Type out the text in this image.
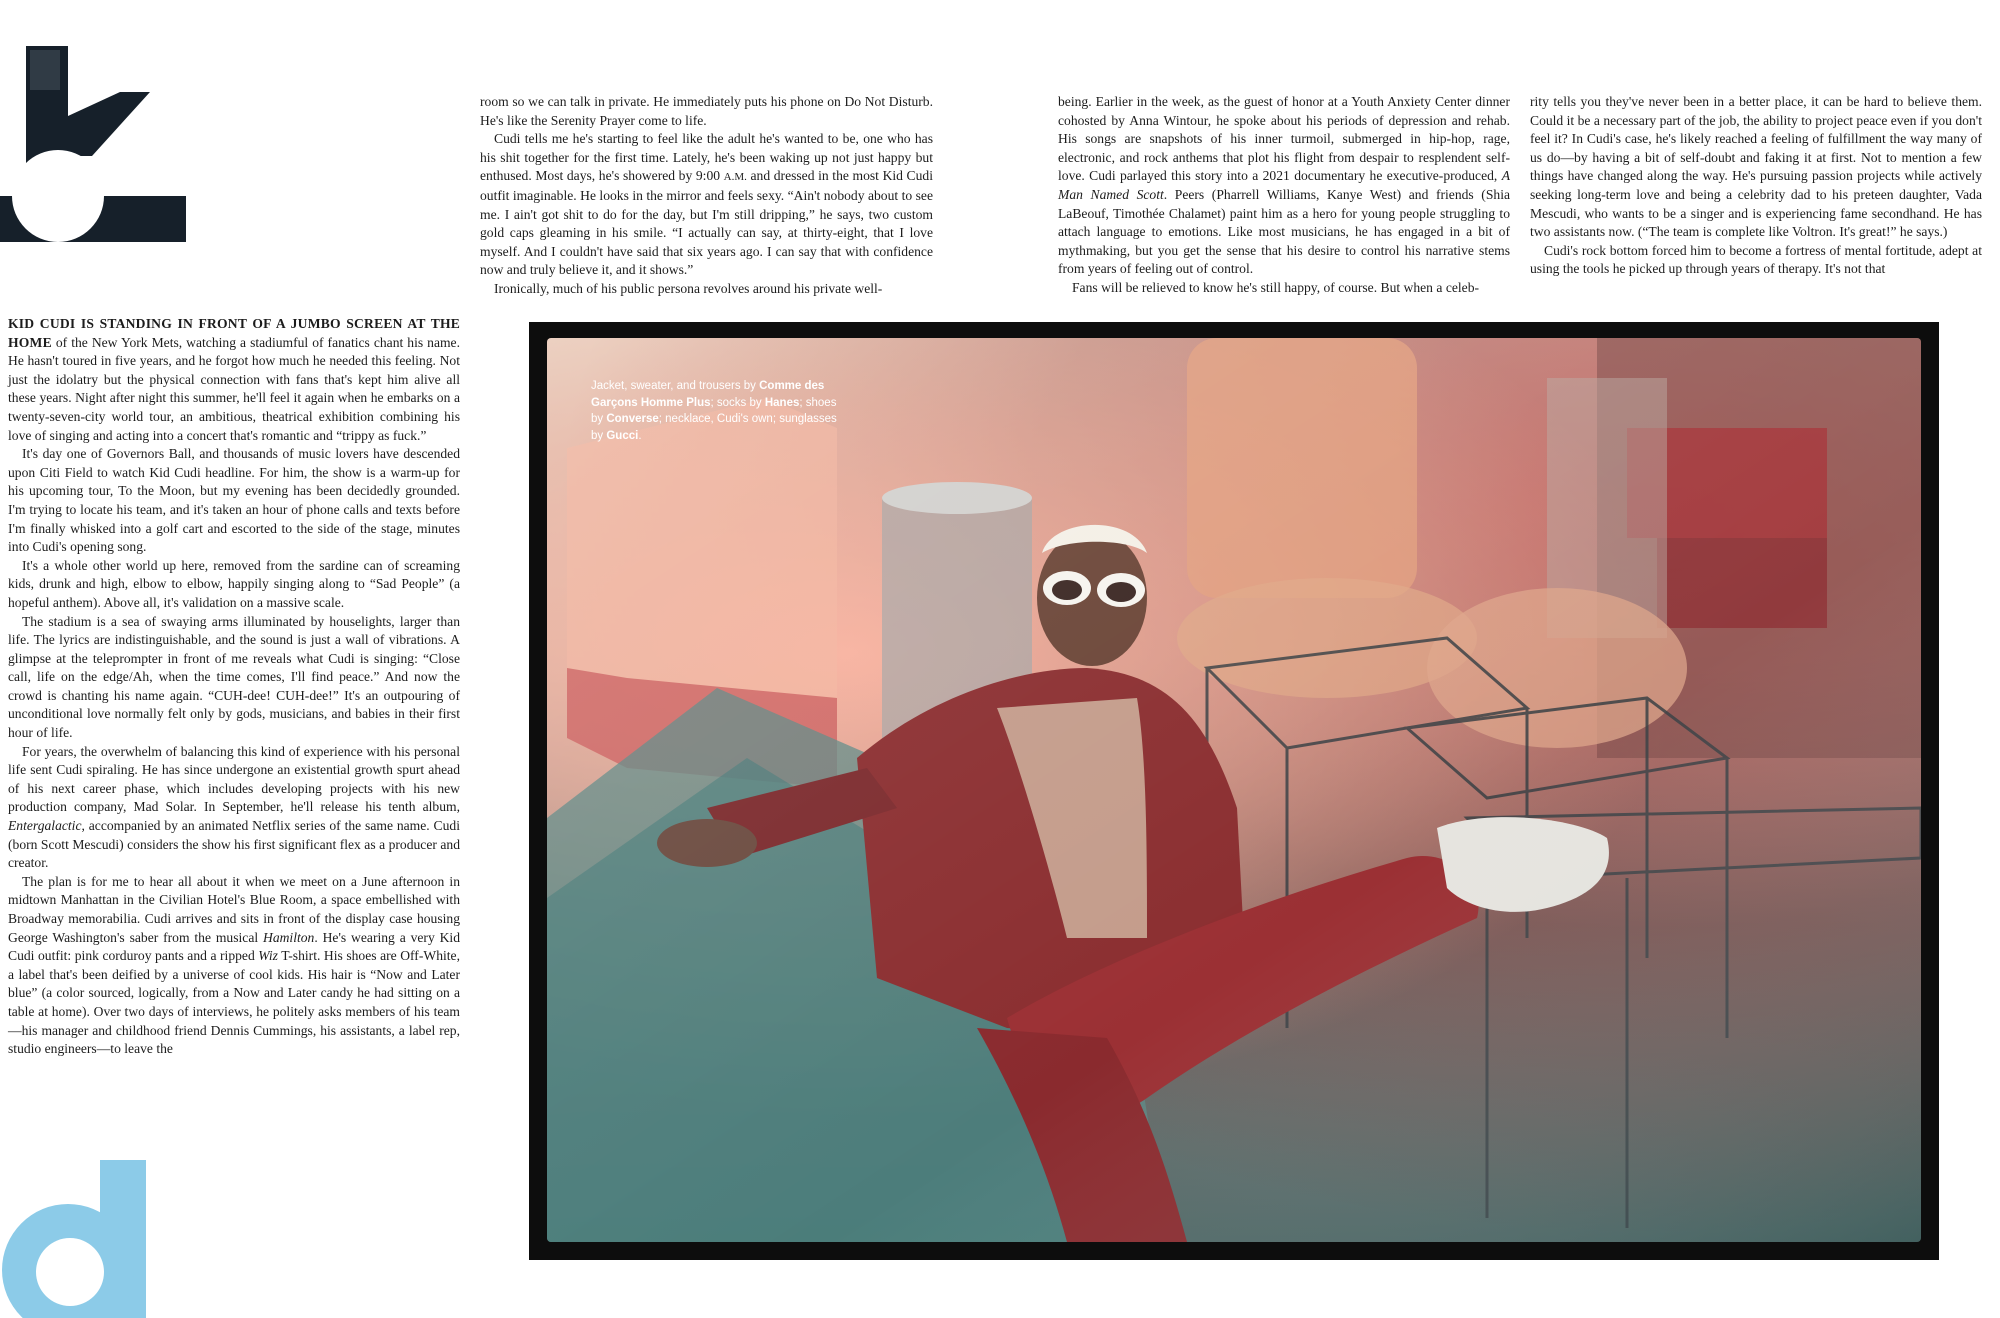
KID CUDI IS STANDING IN FRONT OF A JUMBO SCREEN AT THE HOME of the New York Mets, watching a stadiumful of fanatics chant his name. He hasn't toured in five years, and he forgot how much he needed this feeling. Not just the idolatry but the physical connection with fans that's kept him alive all these years. Night after night this summer, he'll feel it again when he embarks on a twenty-seven-city world tour, an ambitious, theatrical exhibition combining his love of singing and acting into a concert that's romantic and “trippy as fuck.”

It's day one of Governors Ball, and thousands of music lovers have descended upon Citi Field to watch Kid Cudi headline. For him, the show is a warm-up for his upcoming tour, To the Moon, but my evening has been decidedly grounded. I'm trying to locate his team, and it's taken an hour of phone calls and texts before I'm finally whisked into a golf cart and escorted to the side of the stage, minutes into Cudi's opening song.

It's a whole other world up here, removed from the sardine can of screaming kids, drunk and high, elbow to elbow, happily singing along to “Sad People” (a hopeful anthem). Above all, it's validation on a massive scale.

The stadium is a sea of swaying arms illuminated by houselights, larger than life. The lyrics are indistinguishable, and the sound is just a wall of vibrations. A glimpse at the teleprompter in front of me reveals what Cudi is singing: “Close call, life on the edge/Ah, when the time comes, I'll find peace.” And now the crowd is chanting his name again. “CUH-dee! CUH-dee!” It's an outpouring of unconditional love normally felt only by gods, musicians, and babies in their first hour of life.

For years, the overwhelm of balancing this kind of experience with his personal life sent Cudi spiraling. He has since undergone an existential growth spurt ahead of his next career phase, which includes developing projects with his new production company, Mad Solar. In September, he'll release his tenth album, Entergalactic, accompanied by an animated Netflix series of the same name. Cudi (born Scott Mescudi) considers the show his first significant flex as a producer and creator.

The plan is for me to hear all about it when we meet on a June afternoon in midtown Manhattan in the Civilian Hotel's Blue Room, a space embellished with Broadway memorabilia. Cudi arrives and sits in front of the display case housing George Washington's saber from the musical Hamilton. He's wearing a very Kid Cudi outfit: pink corduroy pants and a ripped Wiz T-shirt. His shoes are Off-White, a label that's been deified by a universe of cool kids. His hair is “Now and Later blue” (a color sourced, logically, from a Now and Later candy he had sitting on a table at home). Over two days of interviews, he politely asks members of his team—his manager and childhood friend Dennis Cummings, his assistants, a label rep, studio engineers—to leave the

room so we can talk in private. He immediately puts his phone on Do Not Disturb. He's like the Serenity Prayer come to life.

Cudi tells me he's starting to feel like the adult he's wanted to be, one who has his shit together for the first time. Lately, he's been waking up not just happy but enthused. Most days, he's showered by 9:00 A.M. and dressed in the most Kid Cudi outfit imaginable. He looks in the mirror and feels sexy. “Ain't nobody about to see me. I ain't got shit to do for the day, but I'm still dripping,” he says, two custom gold caps gleaming in his smile. “I actually can say, at thirty-eight, that I love myself. And I couldn't have said that six years ago. I can say that with confidence now and truly believe it, and it shows.”

Ironically, much of his public persona revolves around his private well-

being. Earlier in the week, as the guest of honor at a Youth Anxiety Center dinner cohosted by Anna Wintour, he spoke about his periods of depression and rehab. His songs are snapshots of his inner turmoil, submerged in hip-hop, rage, electronic, and rock anthems that plot his flight from despair to resplendent self-love. Cudi parlayed this story into a 2021 documentary he executive-produced, A Man Named Scott. Peers (Pharrell Williams, Kanye West) and friends (Shia LaBeouf, Timothée Chalamet) paint him as a hero for young people struggling to attach language to emotions. Like most musicians, he has engaged in a bit of mythmaking, but you get the sense that his desire to control his narrative stems from years of feeling out of control.

Fans will be relieved to know he's still happy, of course. But when a celeb-

rity tells you they've never been in a better place, it can be hard to believe them. Could it be a necessary part of the job, the ability to project peace even if you don't feel it? In Cudi's case, he's likely reached a feeling of fulfillment the way many of us do—by having a bit of self-doubt and faking it at first. Not to mention a few things have changed along the way. He's pursuing passion projects while actively seeking long-term love and being a celebrity dad to his preteen daughter, Vada Mescudi, who wants to be a singer and is experiencing fame secondhand. He has two assistants now. (“The team is complete like Voltron. It's great!” he says.)

Cudi's rock bottom forced him to become a fortress of mental fortitude, adept at using the tools he picked up through years of therapy. It's not that

Jacket, sweater, and trousers by Comme des Garçons Homme Plus; socks by Hanes; shoes by Converse; necklace, Cudi's own; sunglasses by Gucci.
